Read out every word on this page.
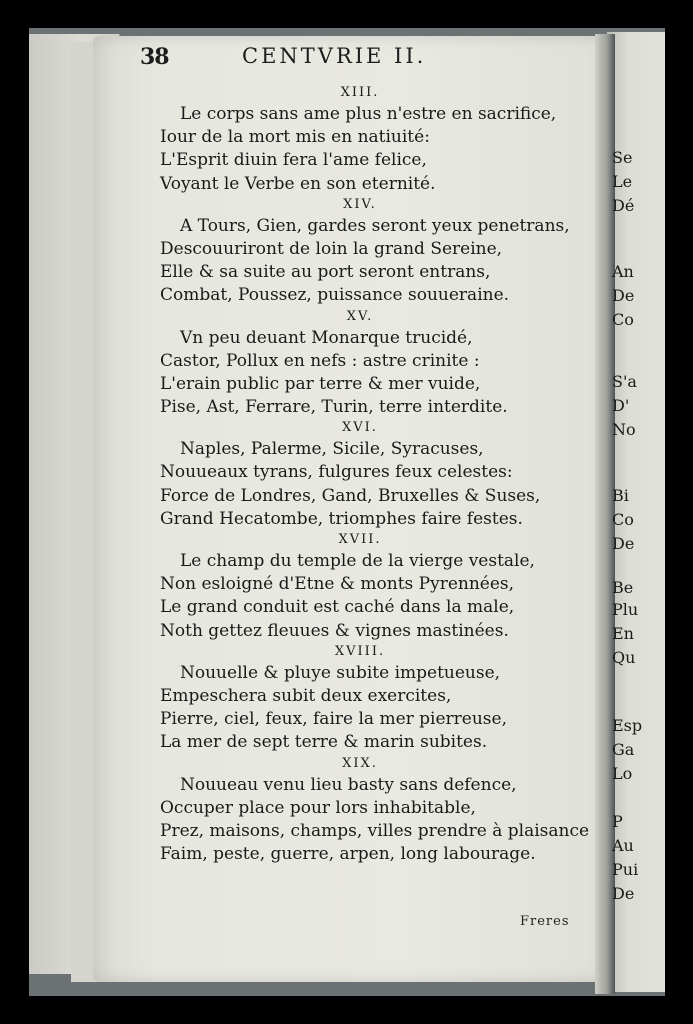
38	CENTVRIE II.
XIII.
Le corps sans ame plus n'estre en sacrifice,
Iour de la mort mis en natiuité:
L'Esprit diuin fera l'ame felice,
Voyant le Verbe en son eternité.
XIV.
A Tours, Gien, gardes seront yeux penetrans,
Descouuriront de loin la grand Sereine,
Elle & sa suite au port seront entrans,
Combat, Poussez, puissance souueraine.
XV.
Vn peu deuant Monarque trucidé,
Castor, Pollux en nefs : astre crinite :
L'erain public par terre & mer vuide,
Pise, Ast, Ferrare, Turin, terre interdite.
XVI.
Naples, Palerme, Sicile, Syracuses,
Nouueaux tyrans, fulgures feux celestes:
Force de Londres, Gand, Bruxelles & Suses,
Grand Hecatombe, triomphes faire festes.
XVII.
Le champ du temple de la vierge vestale,
Non esloigné d'Etne & monts Pyrennées,
Le grand conduit est caché dans la male,
Noth gettez fleuues & vignes mastinées.
XVIII.
Nouuelle & pluye subite impetueuse,
Empeschera subit deux exercites,
Pierre, ciel, feux, faire la mer pierreuse,
La mer de sept terre & marin subites.
XIX.
Nouueau venu lieu basty sans defence,
Occuper place pour lors inhabitable,
Prez, maisons, champs, villes prendre à plaisance
Faim, peste, guerre, arpen, long labourage.
Freres
Se
Le
Dé
An
De
Co
S'a
D'
No
Bi
Co
De
Be
Plu
En
Qu
Esp
Ga
Lo
P
Au
Pui
De
